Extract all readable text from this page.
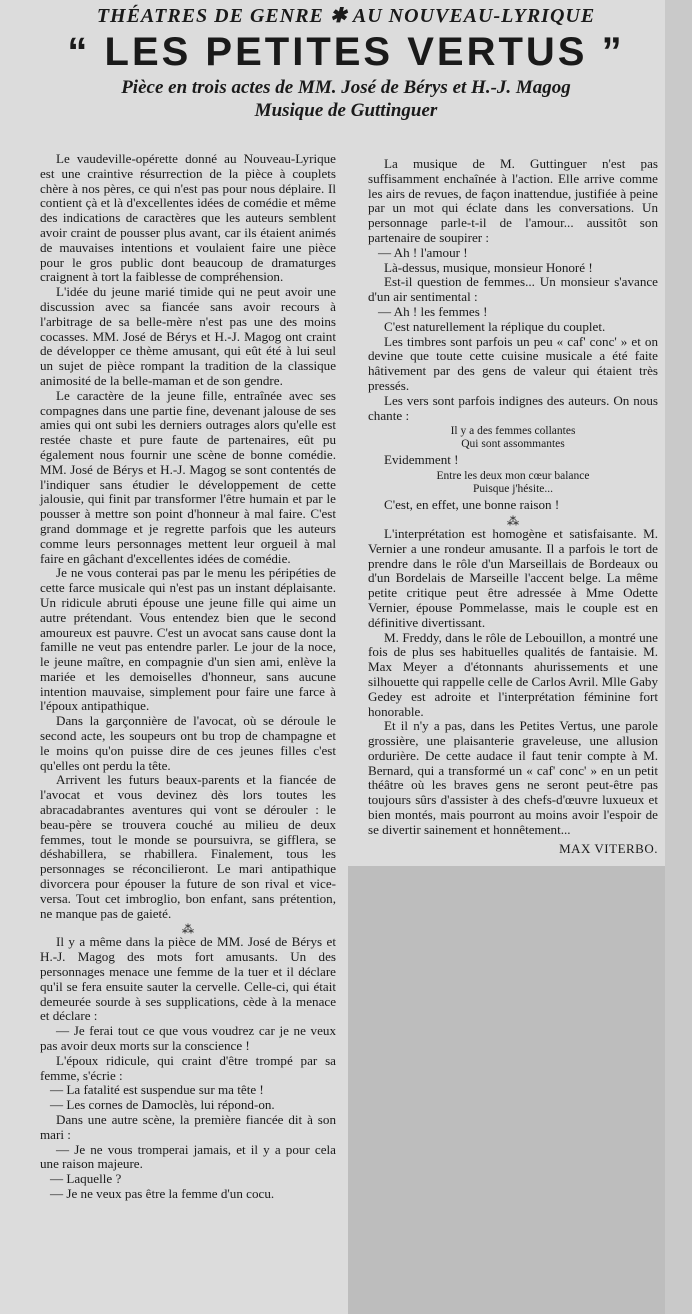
THÉATRES DE GENRE ✱ AU NOUVEAU-LYRIQUE

“ LES PETITES VERTUS ”

Pièce en trois actes de MM. José de Bérys et H.-J. Magog

Musique de Guttinguer

Le vaudeville-opérette donné au Nouveau-Lyrique est une craintive résurrection de la pièce à couplets chère à nos pères, ce qui n'est pas pour nous déplaire. Il contient çà et là d'excellentes idées de comédie et même des indications de caractères que les auteurs semblent avoir craint de pousser plus avant, car ils étaient animés de mauvaises intentions et voulaient faire une pièce pour le gros public dont beaucoup de dramaturges craignent à tort la faiblesse de compréhension.

L'idée du jeune marié timide qui ne peut avoir une discussion avec sa fiancée sans avoir recours à l'arbitrage de sa belle-mère n'est pas une des moins cocasses. MM. José de Bérys et H.-J. Magog ont craint de développer ce thème amusant, qui eût été à lui seul un sujet de pièce rompant la tradition de la classique animosité de la belle-maman et de son gendre.

Le caractère de la jeune fille, entraînée avec ses compagnes dans une partie fine, devenant jalouse de ses amies qui ont subi les derniers outrages alors qu'elle est restée chaste et pure faute de partenaires, eût pu également nous fournir une scène de bonne comédie. MM. José de Bérys et H.-J. Magog se sont contentés de l'indiquer sans étudier le développement de cette jalousie, qui finit par transformer l'être humain et par le pousser à mettre son point d'honneur à mal faire. C'est grand dommage et je regrette parfois que les auteurs comme leurs personnages mettent leur orgueil à mal faire en gâchant d'excellentes idées de comédie.

Je ne vous conterai pas par le menu les péripéties de cette farce musicale qui n'est pas un instant déplaisante. Un ridicule abruti épouse une jeune fille qui aime un autre prétendant. Vous entendez bien que le second amoureux est pauvre. C'est un avocat sans cause dont la famille ne veut pas entendre parler. Le jour de la noce, le jeune maître, en compagnie d'un sien ami, enlève la mariée et les demoiselles d'honneur, sans aucune intention mauvaise, simplement pour faire une farce à l'époux antipathique.

Dans la garçonnière de l'avocat, où se déroule le second acte, les soupeurs ont bu trop de champagne et le moins qu'on puisse dire de ces jeunes filles c'est qu'elles ont perdu la tête.

Arrivent les futurs beaux-parents et la fiancée de l'avocat et vous devinez dès lors toutes les abracadabrantes aventures qui vont se dérouler : le beau-père se trouvera couché au milieu de deux femmes, tout le monde se poursuivra, se gifflera, se déshabillera, se rhabillera. Finalement, tous les personnages se réconcilieront. Le mari antipathique divorcera pour épouser la future de son rival et vice-versa. Tout cet imbroglio, bon enfant, sans prétention, ne manque pas de gaieté.

⁂

Il y a même dans la pièce de MM. José de Bérys et H.-J. Magog des mots fort amusants. Un des personnages menace une femme de la tuer et il déclare qu'il se fera ensuite sauter la cervelle. Celle-ci, qui était demeurée sourde à ses supplications, cède à la menace et déclare :

— Je ferai tout ce que vous voudrez car je ne veux pas avoir deux morts sur la conscience !

L'époux ridicule, qui craint d'être trompé par sa femme, s'écrie :

— La fatalité est suspendue sur ma tête !

— Les cornes de Damoclès, lui répond-on.

Dans une autre scène, la première fiancée dit à son mari :

— Je ne vous tromperai jamais, et il y a pour cela une raison majeure.

— Laquelle ?

— Je ne veux pas être la femme d'un cocu.

La musique de M. Guttinguer n'est pas suffisamment enchaînée à l'action. Elle arrive comme les airs de revues, de façon inattendue, justifiée à peine par un mot qui éclate dans les conversations. Un personnage parle-t-il de l'amour... aussitôt son partenaire de soupirer :

— Ah ! l'amour !

Là-dessus, musique, monsieur Honoré !

Est-il question de femmes... Un monsieur s'avance d'un air sentimental :

— Ah ! les femmes !

C'est naturellement la réplique du couplet.

Les timbres sont parfois un peu « caf' conc' » et on devine que toute cette cuisine musicale a été faite hâtivement par des gens de valeur qui étaient très pressés.

Les vers sont parfois indignes des auteurs. On nous chante :

Il y a des femmes collantes
Qui sont assommantes

Evidemment !

Entre les deux mon cœur balance
Puisque j'hésite...

C'est, en effet, une bonne raison !

⁂

L'interprétation est homogène et satisfaisante. M. Vernier a une rondeur amusante. Il a parfois le tort de prendre dans le rôle d'un Marseillais de Bordeaux ou d'un Bordelais de Marseille l'accent belge. La même petite critique peut être adressée à Mme Odette Vernier, épouse Pommelasse, mais le couple est en définitive divertissant.

M. Freddy, dans le rôle de Lebouillon, a montré une fois de plus ses habituelles qualités de fantaisie. M. Max Meyer a d'étonnants ahurissements et une silhouette qui rappelle celle de Carlos Avril. Mlle Gaby Gedey est adroite et l'interprétation féminine fort honorable.

Et il n'y a pas, dans les Petites Vertus, une parole grossière, une plaisanterie graveleuse, une allusion ordurière. De cette audace il faut tenir compte à M. Bernard, qui a transformé un « caf' conc' » en un petit théâtre où les braves gens ne seront peut-être pas toujours sûrs d'assister à des chefs-d'œuvre luxueux et bien montés, mais pourront au moins avoir l'espoir de se divertir sainement et honnêtement...

MAX VITERBO.
